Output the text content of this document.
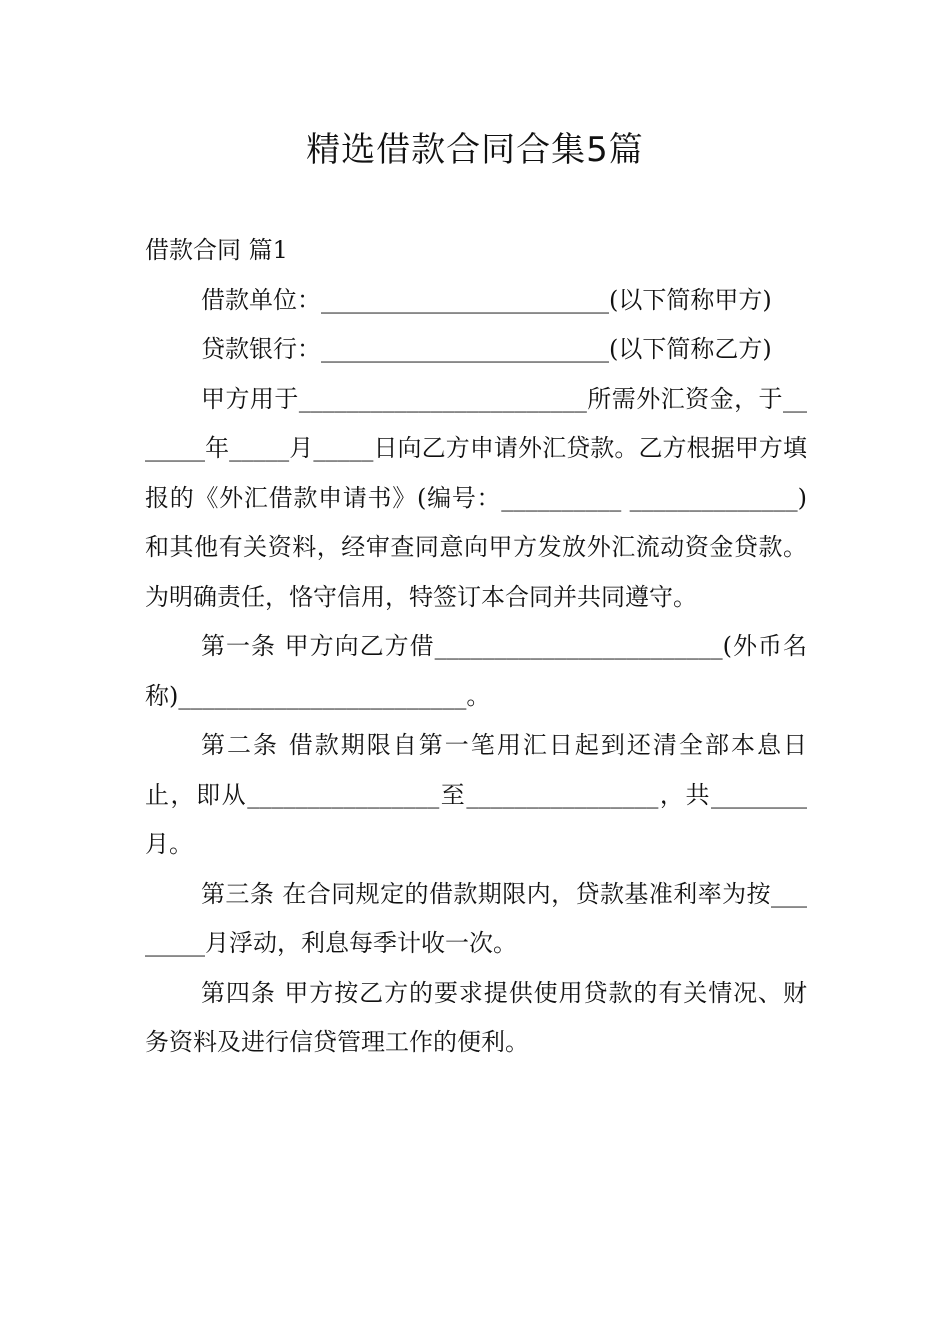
精选借款合同合集5篇
借款合同 篇1

借款单位：________________________(以下简称甲方)

贷款银行：________________________(以下简称乙方)

甲方用于________________________所需外汇资金，于_______年_____月_____日向乙方申请外汇贷款。乙方根据甲方填报的《外汇借款申请书》(编号：__________ ______________)和其他有关资料，经审查同意向甲方发放外汇流动资金贷款。为明确责任，恪守信用，特签订本合同并共同遵守。

第一条 甲方向乙方借________________________(外币名称)________________________。

第二条 借款期限自第一笔用汇日起到还清全部本息日止，即从________________至________________，共________月。

第三条 在合同规定的借款期限内，贷款基准利率为按________月浮动，利息每季计收一次。

第四条 甲方按乙方的要求提供使用贷款的有关情况、财务资料及进行信贷管理工作的便利。
